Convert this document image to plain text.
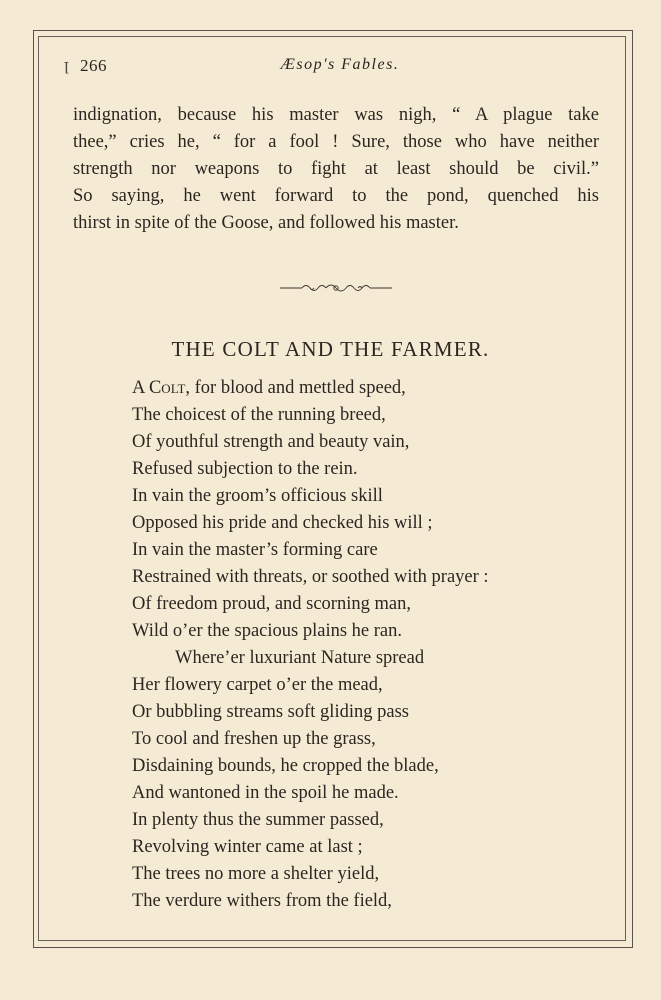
ꞁ 266	Æsop's Fables.
indignation, because his master was nigh, “ A plague take
thee,” cries he, “ for a fool ! Sure, those who have neither
strength nor weapons to fight at least should be civil.”
So saying, he went forward to the pond, quenched his
thirst in spite of the Goose, and followed his master.
THE COLT AND THE FARMER.
A Colt, for blood and mettled speed,
The choicest of the running breed,
Of youthful strength and beauty vain,
Refused subjection to the rein.
In vain the groom’s officious skill
Opposed his pride and checked his will ;
In vain the master’s forming care
Restrained with threats, or soothed with prayer :
Of freedom proud, and scorning man,
Wild o’er the spacious plains he ran.
Where’er luxuriant Nature spread
Her flowery carpet o’er the mead,
Or bubbling streams soft gliding pass
To cool and freshen up the grass,
Disdaining bounds, he cropped the blade,
And wantoned in the spoil he made.
In plenty thus the summer passed,
Revolving winter came at last ;
The trees no more a shelter yield,
The verdure withers from the field,
